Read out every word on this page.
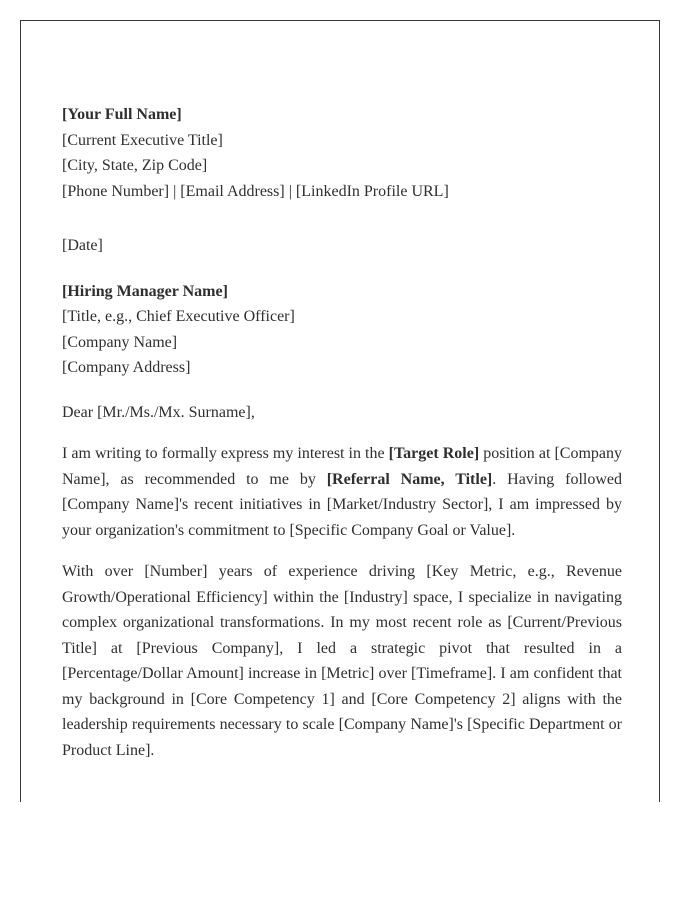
[Your Full Name]
[Current Executive Title]
[City, State, Zip Code]
[Phone Number] | [Email Address] | [LinkedIn Profile URL]
[Date]
[Hiring Manager Name]
[Title, e.g., Chief Executive Officer]
[Company Name]
[Company Address]
Dear [Mr./Ms./Mx. Surname],

I am writing to formally express my interest in the [Target Role] position at [Company Name], as recommended to me by [Referral Name, Title]. Having followed [Company Name]'s recent initiatives in [Market/Industry Sector], I am impressed by your organization's commitment to [Specific Company Goal or Value].

With over [Number] years of experience driving [Key Metric, e.g., Revenue Growth/Operational Efficiency] within the [Industry] space, I specialize in navigating complex organizational transformations. In my most recent role as [Current/Previous Title] at [Previous Company], I led a strategic pivot that resulted in a [Percentage/Dollar Amount] increase in [Metric] over [Timeframe]. I am confident that my background in [Core Competency 1] and [Core Competency 2] aligns with the leadership requirements necessary to scale [Company Name]'s [Specific Department or Product Line].
